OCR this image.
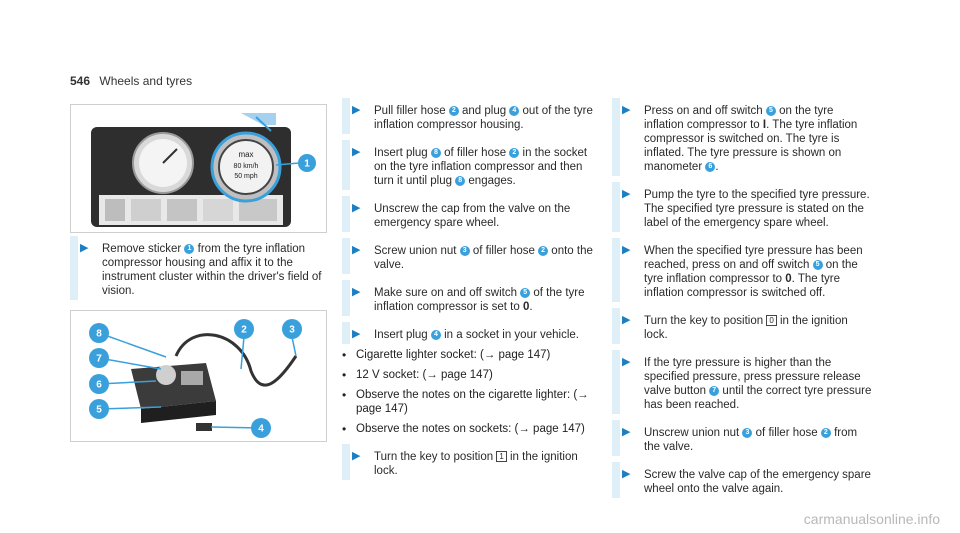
546 Wheels and tyres
1
max
80 km/h
50 mph
8
7
6
5
2	3
4
▶	Remove sticker 1 from the tyre inflation compressor housing and affix it to the instrument cluster within the driver's field of vision.
▶	Pull filler hose 2 and plug 4 out of the tyre inflation compressor housing.
▶	Insert plug 8 of filler hose 2 in the socket on the tyre inflation compressor and then turn it until plug 8 engages.
▶	Unscrew the cap from the valve on the emergency spare wheel.
▶	Screw union nut 3 of filler hose 2 onto the valve.
▶	Make sure on and off switch 5 of the tyre inflation compressor is set to 0.
▶	Insert plug 4 in a socket in your vehicle.
• Cigarette lighter socket: (→ page 147)
• 12 V socket: (→ page 147)
• Observe the notes on the cigarette lighter: (→ page 147)
• Observe the notes on sockets: (→ page 147)
▶	Turn the key to position 1 in the ignition lock.
▶	Press on and off switch 5 on the tyre inflation compressor to I. The tyre inflation compressor is switched on. The tyre is inflated. The tyre pressure is shown on manometer 6 .
▶	Pump the tyre to the specified tyre pressure. The specified tyre pressure is stated on the label of the emergency spare wheel.
▶	When the specified tyre pressure has been reached, press on and off switch 5 on the tyre inflation compressor to 0. The tyre inflation compressor is switched off.
▶	Turn the key to position 0 in the ignition lock.
▶	If the tyre pressure is higher than the specified pressure, press pressure release valve button 7 until the correct tyre pressure has been reached.
▶	Unscrew union nut 3 of filler hose 2 from the valve.
▶	Screw the valve cap of the emergency spare wheel onto the valve again.
carmanualsonline.info
